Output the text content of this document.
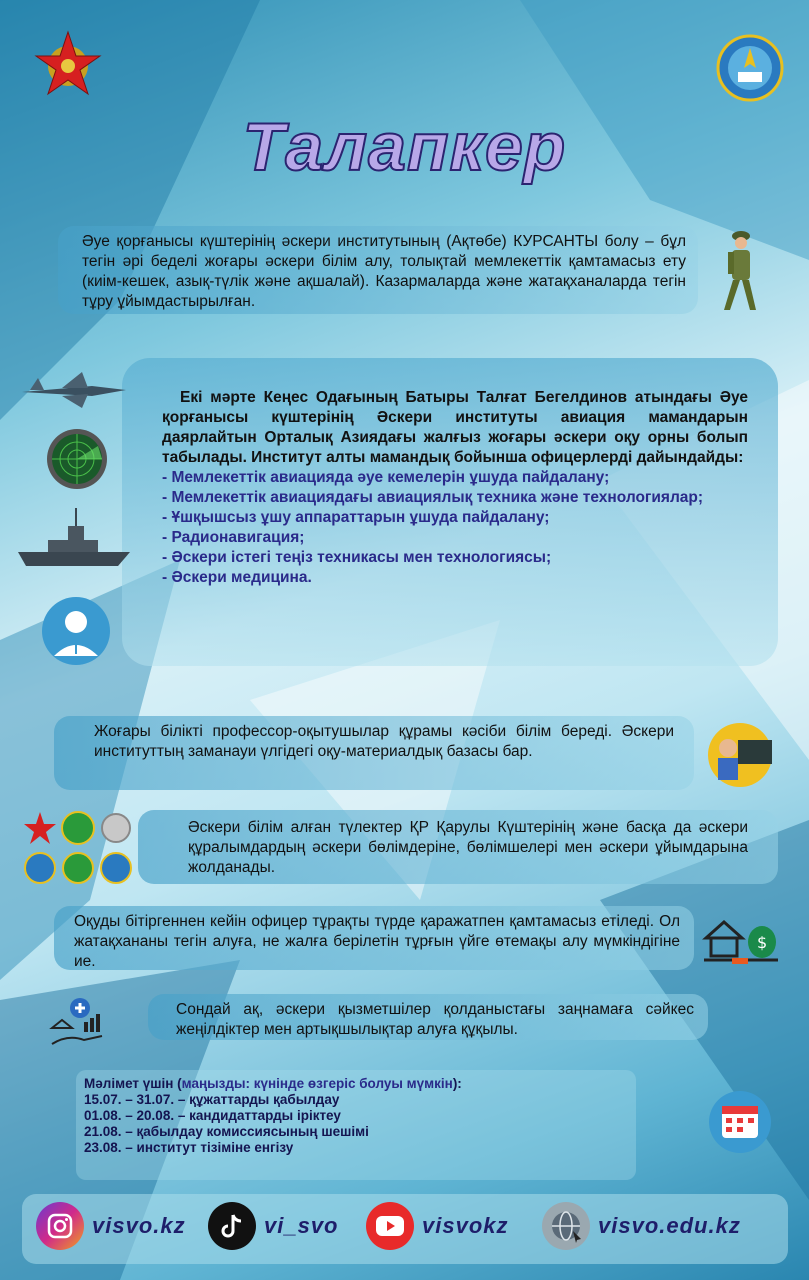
Талапкер
Әуе қорғанысы күштерінің әскери институтының (Ақтөбе) КУРСАНТЫ болу – бұл тегін әрі беделі жоғары әскери білім алу, толықтай мемлекеттік қамтамасыз ету (киім-кешек, азық-түлік және ақшалай). Казармаларда және жатақханаларда тегін тұру ұйымдастырылған.
Екі мәрте Кеңес Одағының Батыры Талғат Бегелдинов атындағы Әуе қорғанысы күштерінің Әскери институты авиация мамандарын даярлайтын Орталық Азиядағы жалғыз жоғары әскери оқу орны болып табылады. Институт алты мамандық бойынша офицерлерді дайындайды:
- Мемлекеттік авиацияда әуе кемелерін ұшуда пайдалану;
- Мемлекеттік авиациядағы авиациялық техника және технологиялар;
- Ұшқышсыз ұшу аппараттарын ұшуда пайдалану;
- Радионавигация;
- Әскери істегі теңіз техникасы мен технологиясы;
- Әскери медицина.
Жоғары білікті профессор-оқытушылар құрамы кәсіби білім береді. Әскери институттың заманауи үлгідегі оқу-материалдық базасы бар.
Әскери білім алған түлектер ҚР Қарулы Күштерінің және басқа да әскери құралымдардың әскери бөлімдеріне, бөлімшелері мен әскери ұйымдарына жолданады.
Оқуды бітіргеннен кейін офицер тұрақты түрде қаражатпен қамтамасыз етіледі. Ол жатақхананы тегін алуға, не жалға берілетін тұрғын үйге өтемақы алу мүмкіндігіне ие.
$
Сондай ақ, әскери қызметшілер қолданыстағы заңнамаға сәйкес жеңілдіктер мен артықшылықтар алуға құқылы.
Мәлімет үшін (маңызды: күнінде өзгеріс болуы мүмкін):
15.07. – 31.07. – құжаттарды қабылдау
01.08. – 20.08. – кандидаттарды іріктеу
21.08. – қабылдау комиссиясының шешімі
23.08. – институт тізіміне енгізу
visvo.kz	vi_svo	visvokz	visvo.edu.kz
